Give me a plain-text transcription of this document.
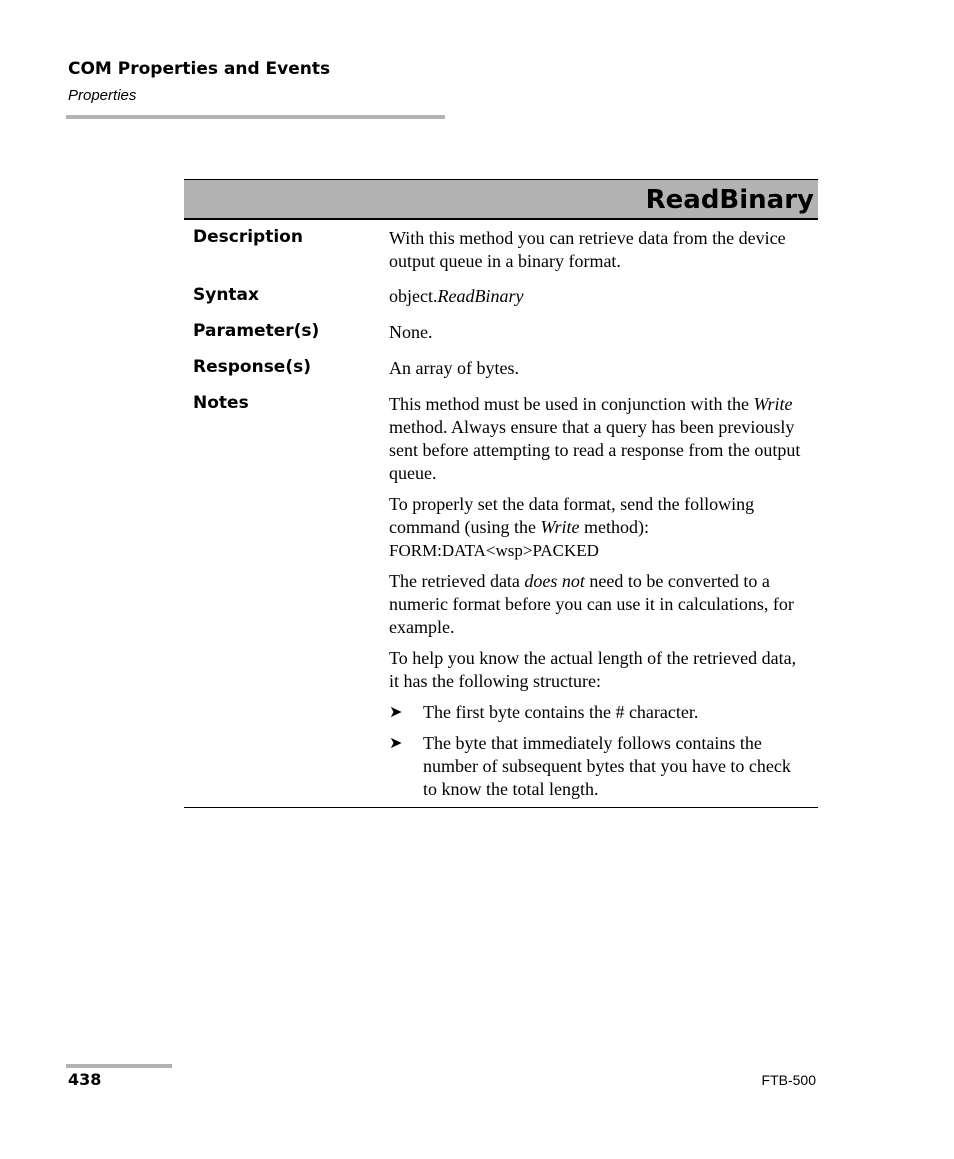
COM Properties and Events
Properties
ReadBinary
Description	With this method you can retrieve data from the device output queue in a binary format.

Syntax	object.ReadBinary

Parameter(s)	None.

Response(s)	An array of bytes.

Notes	This method must be used in conjunction with the Write method. Always ensure that a query has been previously sent before attempting to read a response from the output queue.

To properly set the data format, send the following command (using the Write method):
FORM:DATA<wsp>PACKED

The retrieved data does not need to be converted to a numeric format before you can use it in calculations, for example.

To help you know the actual length of the retrieved data, it has the following structure:

➤	The first byte contains the # character.
➤	The byte that immediately follows contains the number of subsequent bytes that you have to check to know the total length.
438	FTB-500
